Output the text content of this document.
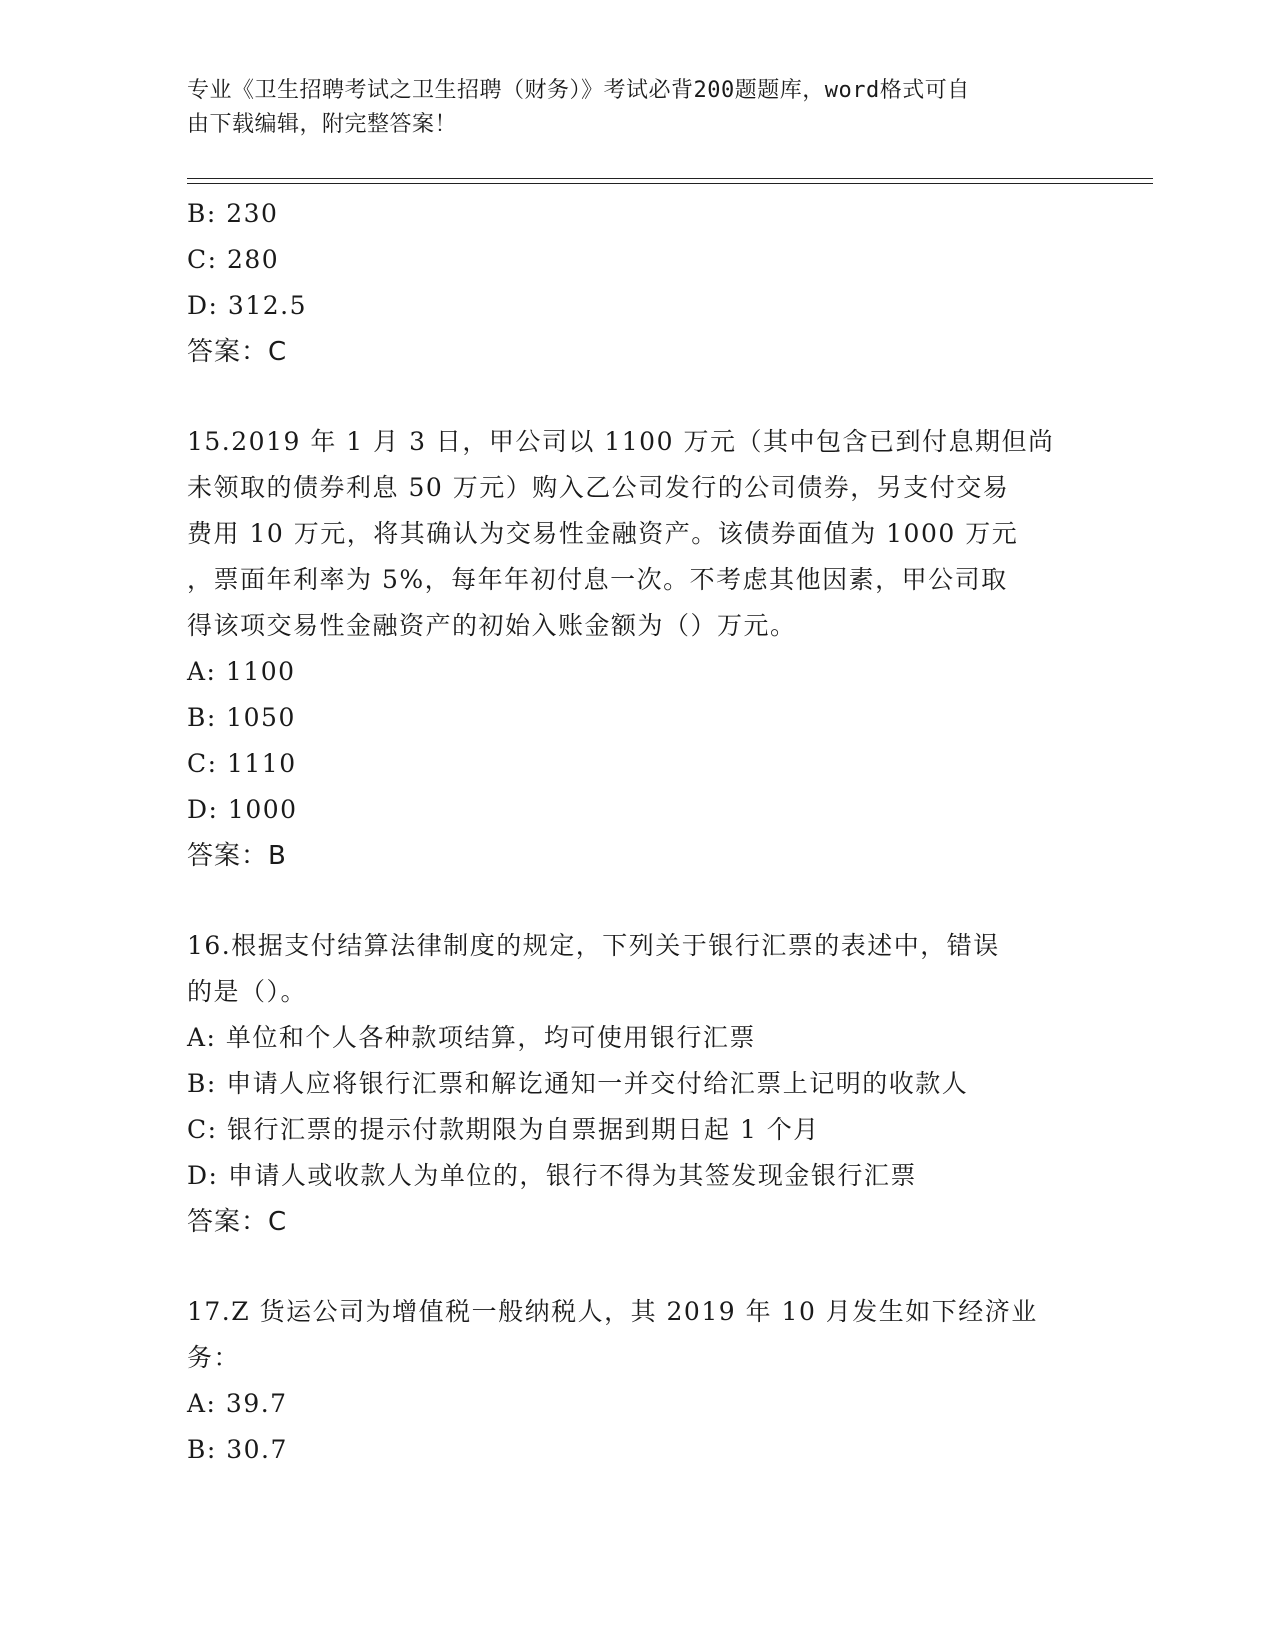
专业《卫生招聘考试之卫生招聘（财务）》考试必背200题题库，word格式可自
由下载编辑，附完整答案！
B: 230
C: 280
D: 312.5
答案：C
15.2019 年 1 月 3 日，甲公司以 1100 万元（其中包含已到付息期但尚
未领取的债券利息 50 万元）购入乙公司发行的公司债券，另支付交易
费用 10 万元，将其确认为交易性金融资产。该债券面值为 1000 万元
，票面年利率为 5%，每年年初付息一次。不考虑其他因素，甲公司取
得该项交易性金融资产的初始入账金额为（）万元。
A: 1100
B: 1050
C: 1110
D: 1000
答案：B
16.根据支付结算法律制度的规定，下列关于银行汇票的表述中，错误
的是（）。
A: 单位和个人各种款项结算，均可使用银行汇票
B: 申请人应将银行汇票和解讫通知一并交付给汇票上记明的收款人
C: 银行汇票的提示付款期限为自票据到期日起 1 个月
D: 申请人或收款人为单位的，银行不得为其签发现金银行汇票
答案：C
17.Z 货运公司为增值税一般纳税人，其 2019 年 10 月发生如下经济业
务：
A: 39.7
B: 30.7
